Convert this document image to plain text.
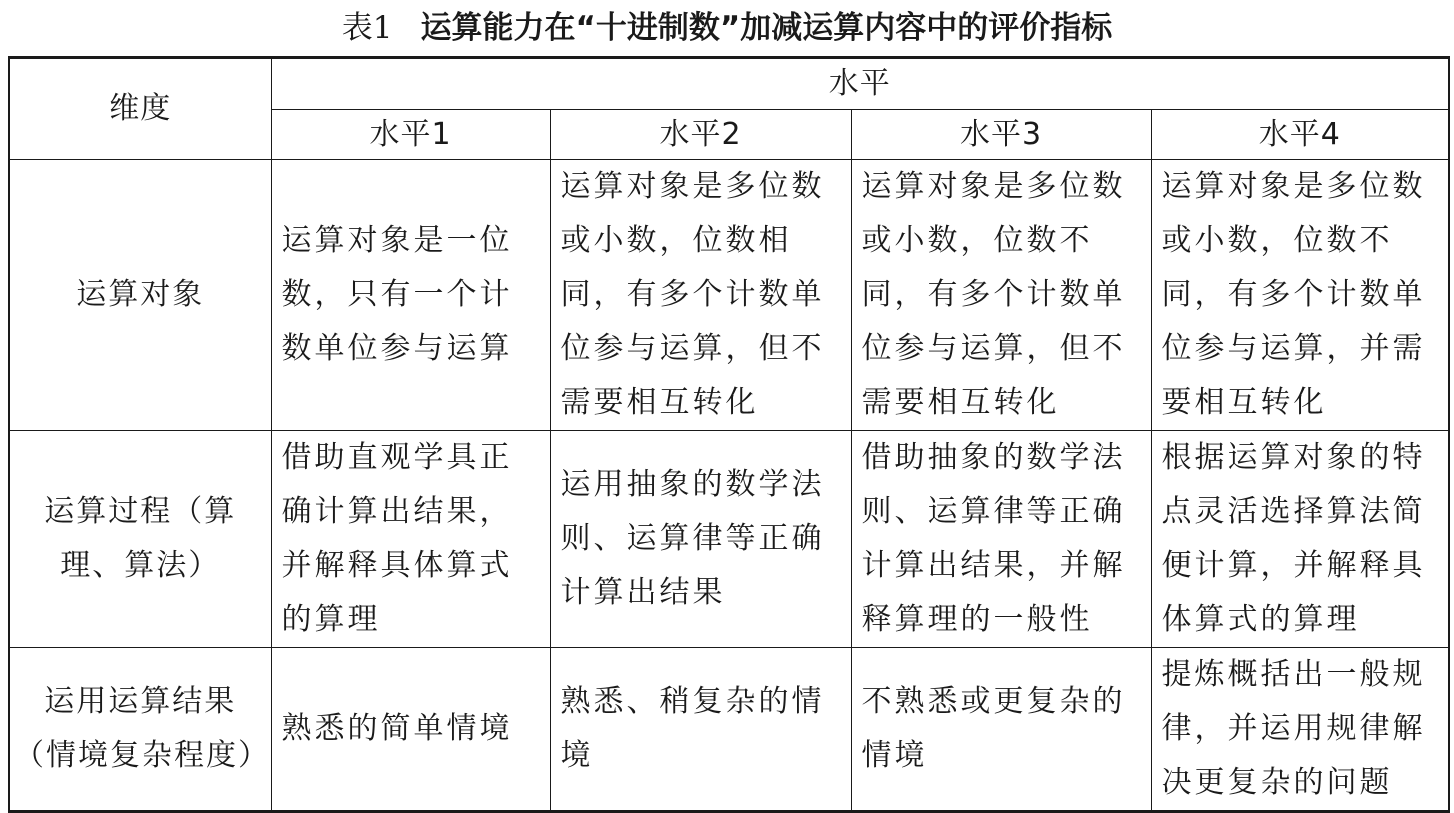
表1 运算能力在“十进制数”加减运算内容中的评价指标
维度	水平			
	水平1	水平2	水平3	水平4
运算对象	运算对象是一位数，只有一个计数单位参与运算	运算对象是多位数或小数，位数相同，有多个计数单位参与运算，但不需要相互转化	运算对象是多位数或小数，位数不同，有多个计数单位参与运算，但不需要相互转化	运算对象是多位数或小数，位数不同，有多个计数单位参与运算，并需要相互转化
运算过程（算理、算法）	借助直观学具正确计算出结果，并解释具体算式的算理	运用抽象的数学法则、运算律等正确计算出结果	借助抽象的数学法则、运算律等正确计算出结果，并解释算理的一般性	根据运算对象的特点灵活选择算法简便计算，并解释具体算式的算理
运用运算结果（情境复杂程度）	熟悉的简单情境	熟悉、稍复杂的情境	不熟悉或更复杂的情境	提炼概括出一般规律，并运用规律解决更复杂的问题
